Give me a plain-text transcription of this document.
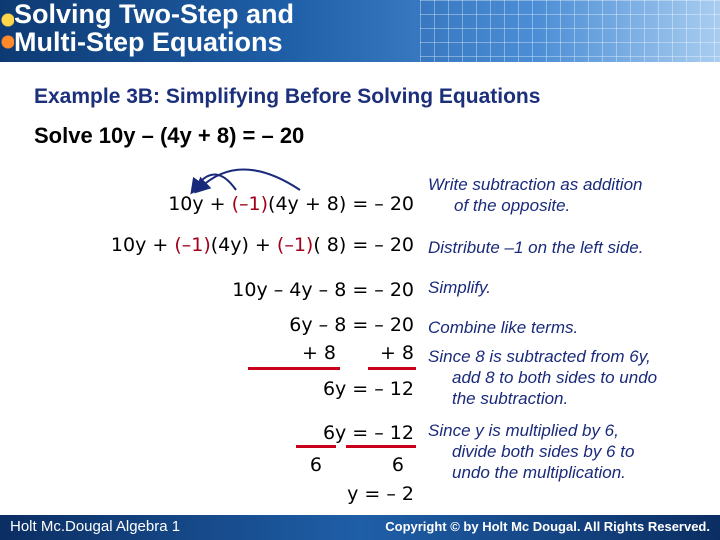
Solving Two-Step and
Multi-Step Equations
Example 3B: Simplifying Before Solving Equations
Solve 10y – (4y + 8) = – 20
10y + (–1)(4y + 8) = – 20
Write subtraction as addition
of the opposite.
10y + (–1)(4y) + (–1)( 8) = – 20 Distribute –1 on the left side.
10y – 4y – 8 = – 20 Simplify.
6y – 8 = – 20 Combine like terms.
+ 8 + 8 Since 8 is subtracted from 6y,
add 8 to both sides to undo
the subtraction.
6y = – 12
6y = – 12 Since y is multiplied by 6,
divide both sides by 6 to
undo the multiplication.
6	6
y = – 2
Holt Mc.Dougal Algebra 1	Copyright © by Holt Mc Dougal. All Rights Reserved.
